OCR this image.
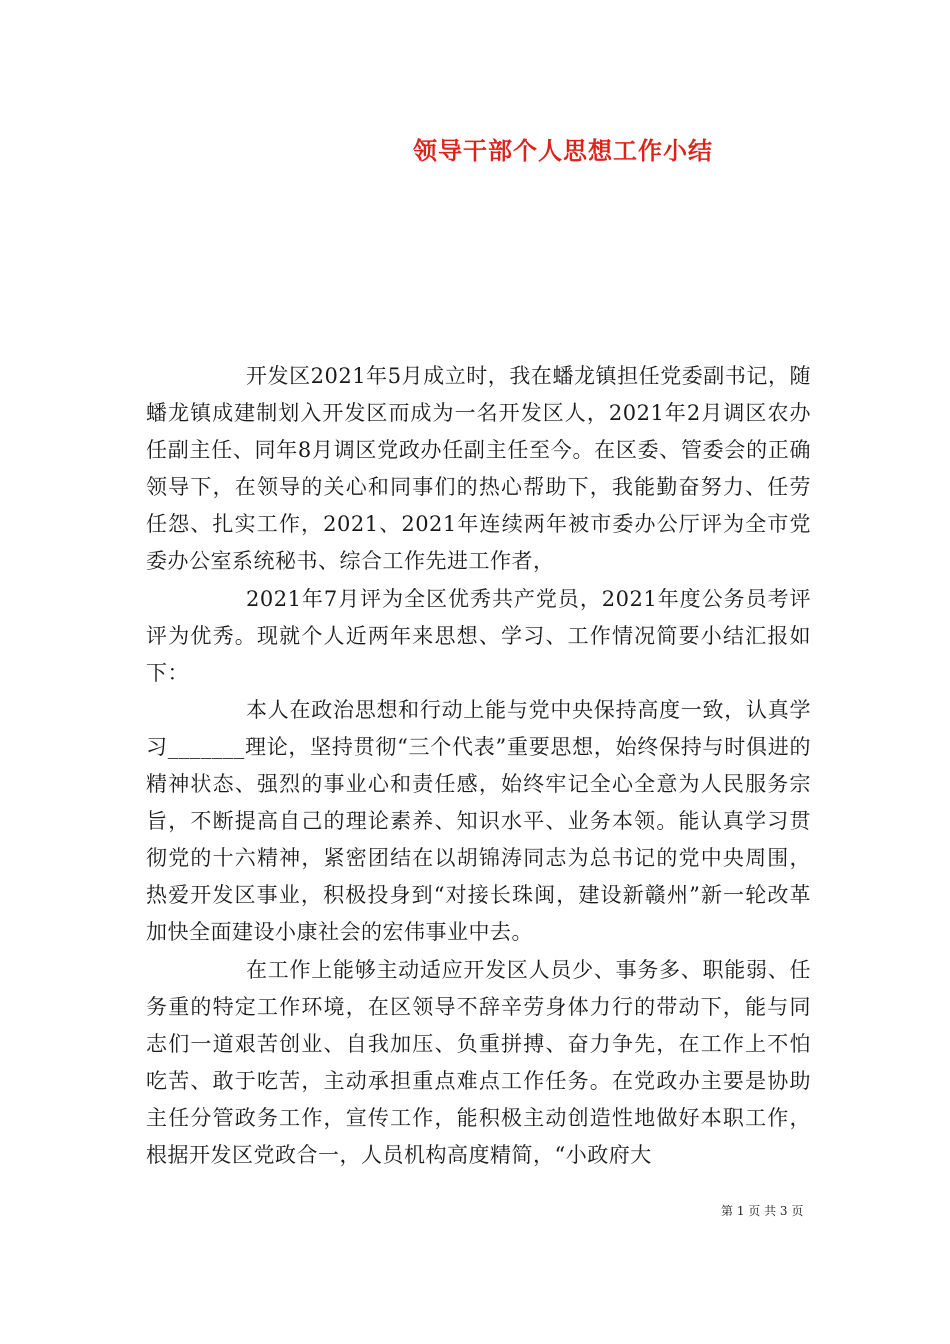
领导干部个人思想工作小结

开发区2021年5月成立时，我在蟠龙镇担任党委副书记，随蟠龙镇成建制划入开发区而成为一名开发区人，2021年2月调区农办任副主任、同年8月调区党政办任副主任至今。在区委、管委会的正确领导下，在领导的关心和同事们的热心帮助下，我能勤奋努力、任劳任怨、扎实工作，2021、2021年连续两年被市委办公厅评为全市党委办公室系统秘书、综合工作先进工作者，

2021年7月评为全区优秀共产党员，2021年度公务员考评评为优秀。现就个人近两年来思想、学习、工作情况简要小结汇报如下：

本人在政治思想和行动上能与党中央保持高度一致，认真学习_______理论，坚持贯彻“三个代表”重要思想，始终保持与时俱进的精神状态、强烈的事业心和责任感，始终牢记全心全意为人民服务宗旨，不断提高自己的理论素养、知识水平、业务本领。能认真学习贯彻党的十六精神，紧密团结在以胡锦涛同志为总书记的党中央周围，热爱开发区事业，积极投身到“对接长珠闽，建设新赣州”新一轮改革加快全面建设小康社会的宏伟事业中去。

在工作上能够主动适应开发区人员少、事务多、职能弱、任务重的特定工作环境，在区领导不辞辛劳身体力行的带动下，能与同志们一道艰苦创业、自我加压、负重拼搏、奋力争先，在工作上不怕吃苦、敢于吃苦，主动承担重点难点工作任务。在党政办主要是协助主任分管政务工作，宣传工作，能积极主动创造性地做好本职工作，根据开发区党政合一，人员机构高度精简，“小政府大

第 1 页 共 3 页
